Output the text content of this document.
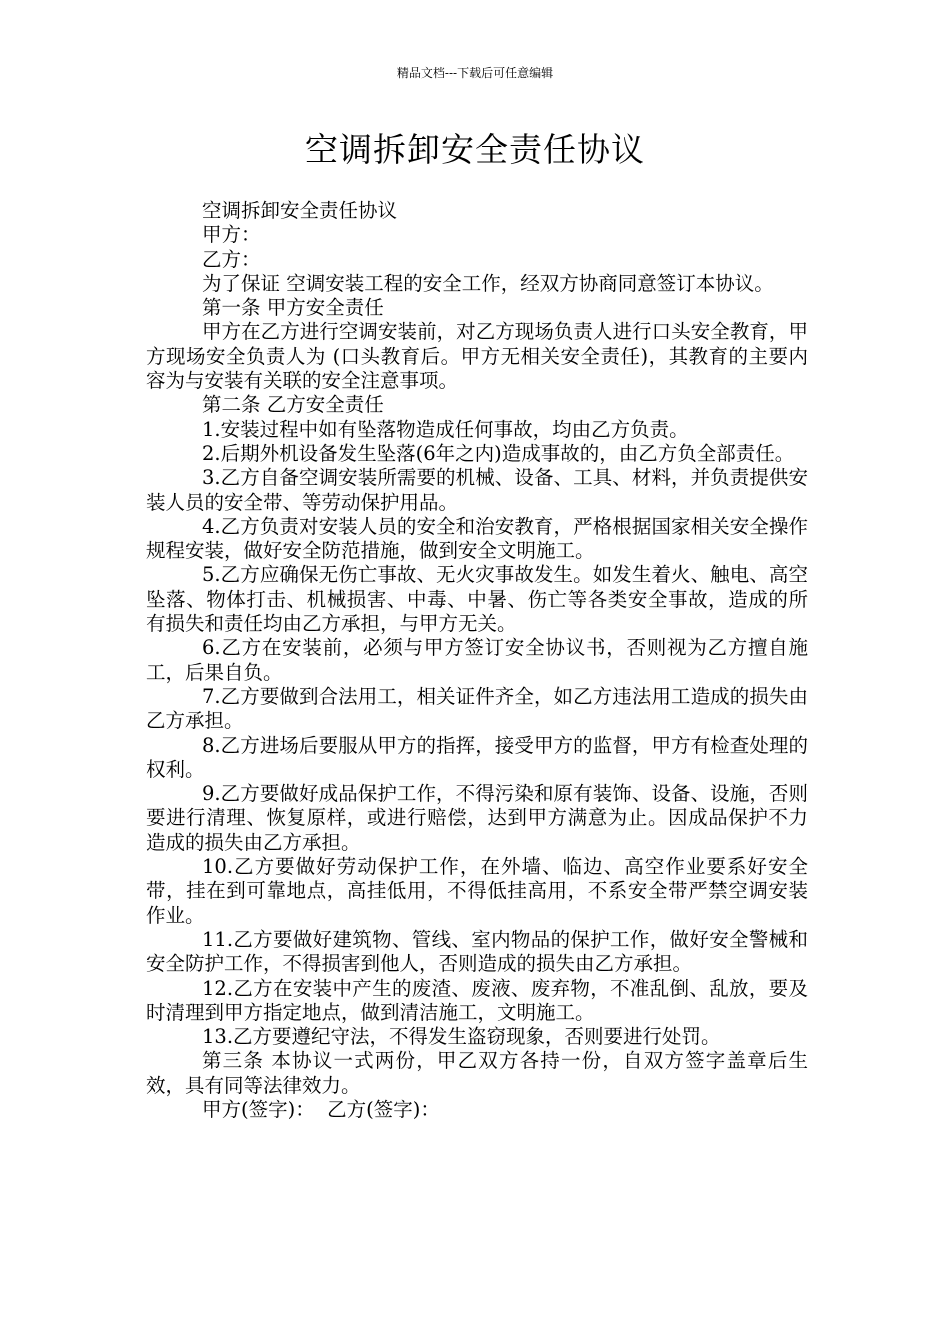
精品文档---下载后可任意编辑
空调拆卸安全责任协议

空调拆卸安全责任协议

甲方：

乙方：

为了保证 空调安装工程的安全工作，经双方协商同意签订本协议。

第一条 甲方安全责任

甲方在乙方进行空调安装前，对乙方现场负责人进行口头安全教育，甲方现场安全负责人为 (口头教育后。甲方无相关安全责任)，其教育的主要内容为与安装有关联的安全注意事项。

第二条 乙方安全责任

1.安装过程中如有坠落物造成任何事故，均由乙方负责。

2.后期外机设备发生坠落(6年之内)造成事故的，由乙方负全部责任。

3.乙方自备空调安装所需要的机械、设备、工具、材料，并负责提供安装人员的安全带、等劳动保护用品。

4.乙方负责对安装人员的安全和治安教育，严格根据国家相关安全操作规程安装，做好安全防范措施，做到安全文明施工。

5.乙方应确保无伤亡事故、无火灾事故发生。如发生着火、触电、高空坠落、物体打击、机械损害、中毒、中暑、伤亡等各类安全事故，造成的所有损失和责任均由乙方承担，与甲方无关。

6.乙方在安装前，必须与甲方签订安全协议书，否则视为乙方擅自施工，后果自负。

7.乙方要做到合法用工，相关证件齐全，如乙方违法用工造成的损失由乙方承担。

8.乙方进场后要服从甲方的指挥，接受甲方的监督，甲方有检查处理的权利。

9.乙方要做好成品保护工作，不得污染和原有装饰、设备、设施，否则要进行清理、恢复原样，或进行赔偿，达到甲方满意为止。因成品保护不力造成的损失由乙方承担。

10.乙方要做好劳动保护工作，在外墙、临边、高空作业要系好安全带，挂在到可靠地点，高挂低用，不得低挂高用，不系安全带严禁空调安装作业。

11.乙方要做好建筑物、管线、室内物品的保护工作，做好安全警械和安全防护工作，不得损害到他人，否则造成的损失由乙方承担。

12.乙方在安装中产生的废渣、废液、废弃物，不准乱倒、乱放，要及时清理到甲方指定地点，做到清洁施工，文明施工。

13.乙方要遵纪守法，不得发生盗窃现象，否则要进行处罚。

第三条 本协议一式两份，甲乙双方各持一份，自双方签字盖章后生效，具有同等法律效力。

甲方(签字)：  乙方(签字)：
